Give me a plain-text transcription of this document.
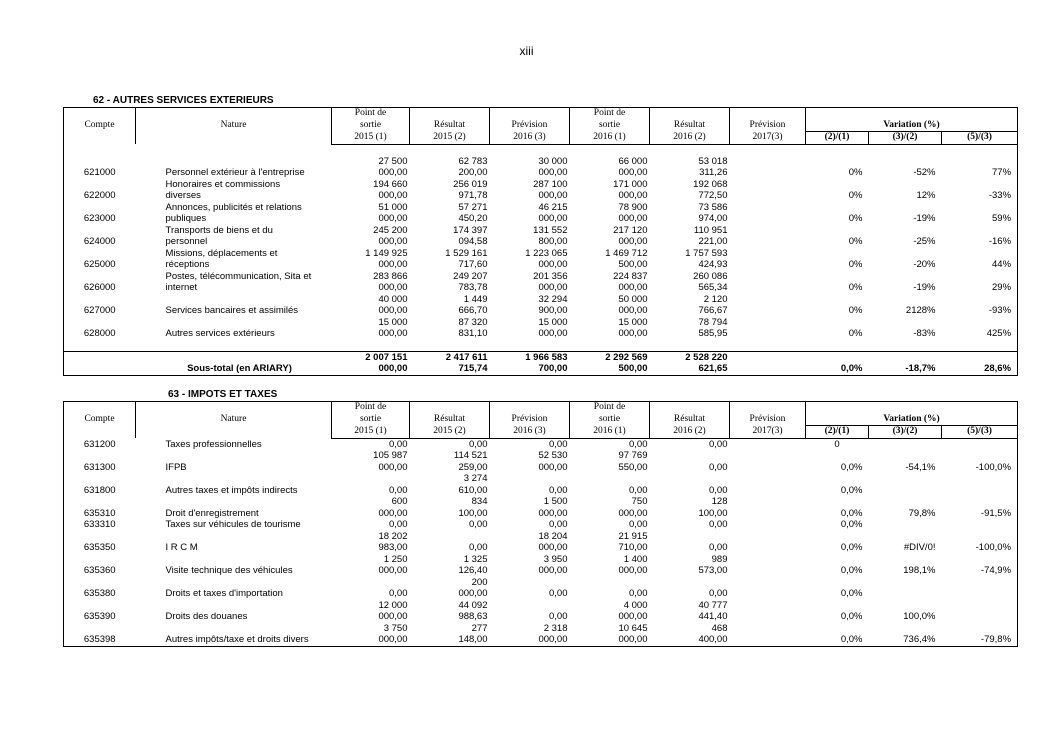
xiii
62 - AUTRES SERVICES EXTERIEURS
Compte	Nature	Point de			Point de					
		sortie	Résultat	Prévision	sortie	Résultat	Prévision	Variation (%)		
		2015 (1)	2015 (2)	2016 (3)	2016 (1)	2016 (2)	2017(3)	(2)/(1)	(3)/(2)	(5)/(3)

		27 500	62 783	30 000	66 000	53 018				
621000	Personnel extérieur à l'entreprise	000,00	200,00	000,00	000,00	311,26		0%	-52%	77%
	Honoraires et commissions	194 660	256 019	287 100	171 000	192 068				
622000	diverses	000,00	971,78	000,00	000,00	772,50		0%	12%	-33%
	Annonces, publicités et relations	51 000	57 271	46 215	78 900	73 586				
623000	publiques	000,00	450,20	000,00	000,00	974,00		0%	-19%	59%
	Transports de biens et du	245 200	174 397	131 552	217 120	110 951				
624000	personnel	000,00	094,58	800,00	000,00	221,00		0%	-25%	-16%
	Missions, déplacements et	1 149 925	1 529 161	1 223 065	1 469 712	1 757 593				
625000	réceptions	000,00	717,60	000,00	500,00	424,93		0%	-20%	44%
	Postes, télécommunication, Sita et	283 866	249 207	201 356	224 837	260 086				
626000	internet	000,00	783,78	000,00	000,00	565,34		0%	-19%	29%
		40 000	1 449	32 294	50 000	2 120				
627000	Services bancaires et assimilés	000,00	666,70	900,00	000,00	766,67		0%	2128%	-93%
		15 000	87 320	15 000	15 000	78 794				
628000	Autres services extérieurs	000,00	831,10	000,00	000,00	585,95		0%	-83%	425%

		2 007 151	2 417 611	1 966 583	2 292 569	2 528 220				
	Sous-total (en ARIARY)	000,00	715,74	700,00	500,00	621,65		0,0%	-18,7%	28,6%
63 - IMPOTS ET TAXES
Compte	Nature	Point de			Point de					
		sortie	Résultat	Prévision	sortie	Résultat	Prévision	Variation (%)		
		2015 (1)	2015 (2)	2016 (3)	2016 (1)	2016 (2)	2017(3)	(2)/(1)	(3)/(2)	(5)/(3)
631200	Taxes professionnelles	0,00	0,00	0,00	0,00	0,00		0		
		105 987	114 521	52 530	97 769					
631300	IFPB	000,00	259,00	000,00	550,00	0,00		0,0%	-54,1%	-100,0%
			3 274							
631800	Autres taxes et impôts indirects	0,00	610,00	0,00	0,00	0,00		0,0%		
		600	834	1 500	750	128				
635310	Droit d'enregistrement	000,00	100,00	000,00	000,00	100,00		0,0%	79,8%	-91,5%
633310	Taxes sur véhicules de tourisme	0,00	0,00	0,00	0,00	0,00		0,0%		
		18 202		18 204	21 915					
635350	I R C M	983,00	0,00	000,00	710,00	0,00		0,0%	#DIV/0!	-100,0%
		1 250	1 325	3 950	1 400	989				
635360	Visite technique des véhicules	000,00	126,40	000,00	000,00	573,00		0,0%	198,1%	-74,9%
			200							
635380	Droits et taxes d'importation	0,00	000,00	0,00	0,00	0,00		0,0%		
		12 000	44 092		4 000	40 777				
635390	Droits des douanes	000,00	988,63	0,00	000,00	441,40		0,0%	100,0%	
		3 750	277	2 318	10 645	468				
635398	Autres impôts/taxe et droits divers	000,00	148,00	000,00	000,00	400,00		0,0%	736,4%	-79,8%
